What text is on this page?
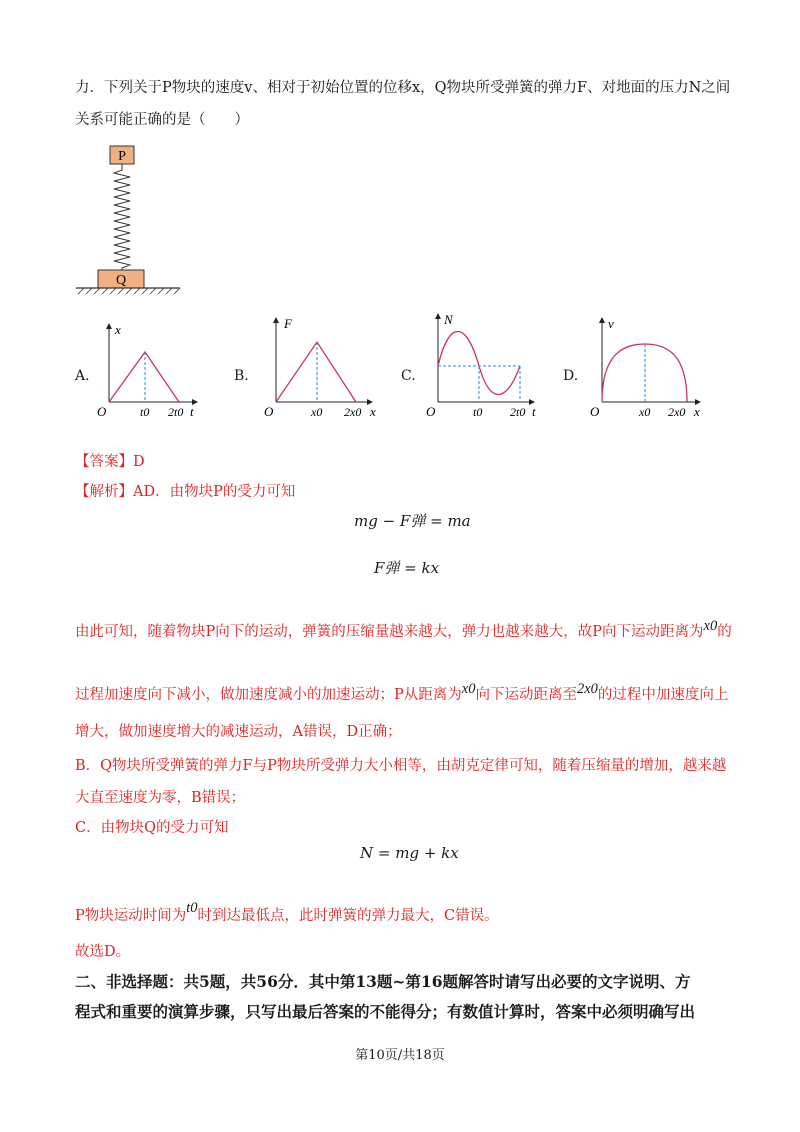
力．下列关于P物块的速度v、相对于初始位置的位移x，Q物块所受弹簧的弹力F、对地面的压力N之间
关系可能正确的是（　　）
P
Q
A.	B.	C.	D.
x
O	t0 2t0 t
F
O	x0 2x0 x
N
O	t0 2t0 t
v
O	x0 2x0 x
【答案】D
【解析】AD．由物块P的受力可知
mg − F弹 = ma
F弹 = kx
由此可知，随着物块P向下的运动，弹簧的压缩量越来越大，弹力也越来越大，故P向下运动距离为x0的
过程加速度向下减小，做加速度减小的加速运动；P从距离为x0向下运动距离至2x0的过程中加速度向上
增大，做加速度增大的减速运动，A错误，D正确；
B．Q物块所受弹簧的弹力F与P物块所受弹力大小相等，由胡克定律可知，随着压缩量的增加，越来越
大直至速度为零，B错误；
C．由物块Q的受力可知
N = mg + kx
P物块运动时间为t0时到达最低点，此时弹簧的弹力最大，C错误。
故选D。
二、非选择题：共5题，共56分．其中第13题~第16题解答时请写出必要的文字说明、方
程式和重要的演算步骤，只写出最后答案的不能得分；有数值计算时，答案中必须明确写出
第10页/共18页
